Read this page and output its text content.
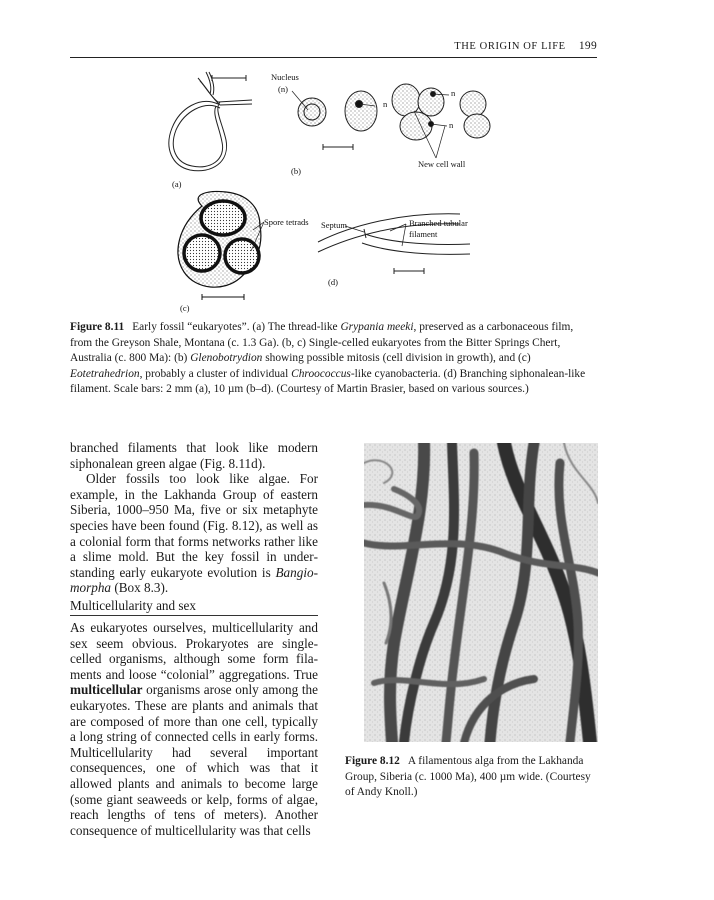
THE ORIGIN OF LIFE 199
(a)
Nucleus
(n)
n
n
n
New cell wall
(b)
Spore tetrads
(c)
Septum	Branched tubular
filament
(d)
Figure 8.11 Early fossil “eukaryotes”. (a) The thread-like Grypania meeki, preserved as a carbonaceous film, from the Greyson Shale, Montana (c. 1.3 Ga). (b, c) Single-celled eukaryotes from the Bitter Springs Chert, Australia (c. 800 Ma): (b) Glenobotrydion showing possible mitosis (cell division in growth), and (c) Eotetrahedrion, probably a cluster of individual Chroococcus-like cyanobacteria. (d) Branching siphonalean-like filament. Scale bars: 2 mm (a), 10 µm (b–d). (Courtesy of Martin Brasier, based on various sources.)

branched filaments that look like modern siphonalean green algae (Fig. 8.11d).

Older fossils too look like algae. For example, in the Lakhanda Group of eastern Siberia, 1000–950 Ma, five or six metaphyte species have been found (Fig. 8.12), as well as a colonial form that forms networks rather like a slime mold. But the key fossil in understanding early eukaryote evolution is Bangiomorpha (Box 8.3).

Multicellularity and sex

As eukaryotes ourselves, multicellularity and sex seem obvious. Prokaryotes are single-celled organisms, although some form filaments and loose “colonial” aggregations. True multicellular organisms arose only among the eukaryotes. These are plants and animals that are composed of more than one cell, typically a long string of connected cells in early forms. Multicellularity had several important consequences, one of which was that it allowed plants and animals to become large (some giant seaweeds or kelp, forms of algae, reach lengths of tens of meters). Another consequence of multicellularity was that cells

Figure 8.12 A filamentous alga from the Lakhanda Group, Siberia (c. 1000 Ma), 400 µm wide. (Courtesy of Andy Knoll.)
